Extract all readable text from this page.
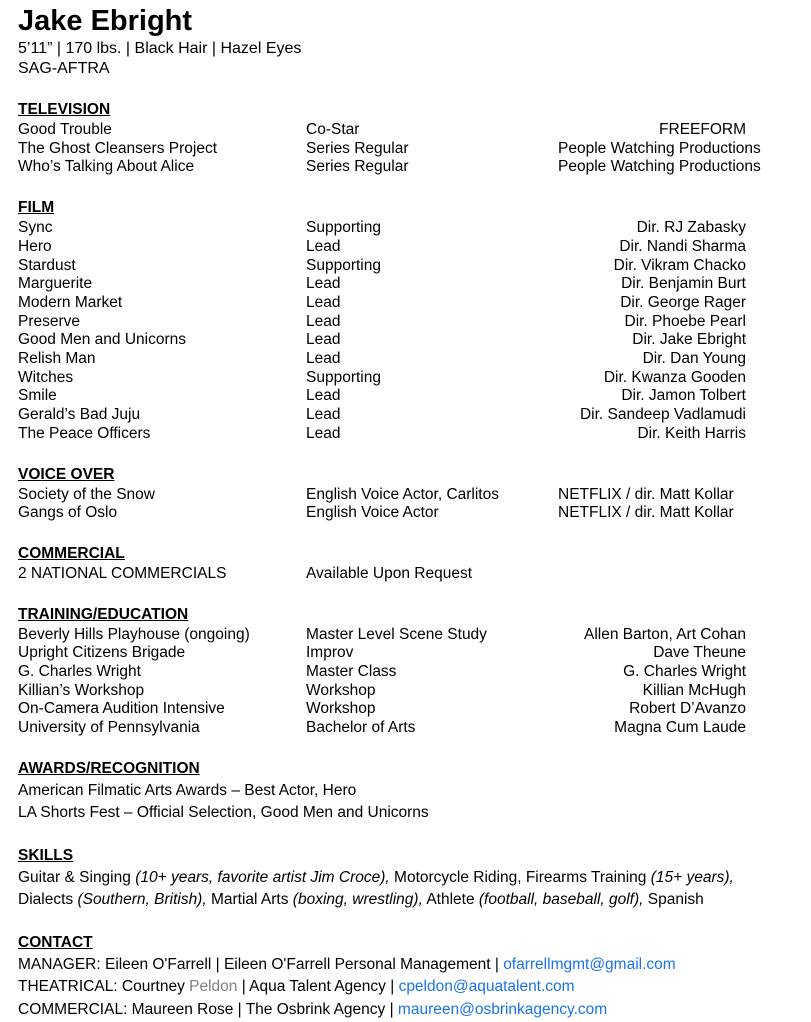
Jake Ebright
5’11” | 170 lbs. | Black Hair | Hazel Eyes
SAG-AFTRA
TELEVISION
Good Trouble	Co-Star	FREEFORM
The Ghost Cleansers Project	Series Regular	People Watching Productions
Who’s Talking About Alice	Series Regular	People Watching Productions
FILM
Sync	Supporting	Dir. RJ Zabasky
Hero	Lead	Dir. Nandi Sharma
Stardust	Supporting	Dir. Vikram Chacko
Marguerite	Lead	Dir. Benjamin Burt
Modern Market	Lead	Dir. George Rager
Preserve	Lead	Dir. Phoebe Pearl
Good Men and Unicorns	Lead	Dir. Jake Ebright
Relish Man	Lead	Dir. Dan Young
Witches	Supporting	Dir. Kwanza Gooden
Smile	Lead	Dir. Jamon Tolbert
Gerald’s Bad Juju	Lead	Dir. Sandeep Vadlamudi
The Peace Officers	Lead	Dir. Keith Harris
VOICE OVER
Society of the Snow	English Voice Actor, Carlitos	NETFLIX / dir. Matt Kollar
Gangs of Oslo	English Voice Actor	NETFLIX / dir. Matt Kollar
COMMERCIAL
2 NATIONAL COMMERCIALS	Available Upon Request
TRAINING/EDUCATION
Beverly Hills Playhouse (ongoing)	Master Level Scene Study	Allen Barton, Art Cohan
Upright Citizens Brigade	Improv	Dave Theune
G. Charles Wright	Master Class	G. Charles Wright
Killian’s Workshop	Workshop	Killian McHugh
On-Camera Audition Intensive	Workshop	Robert D’Avanzo
University of Pennsylvania	Bachelor of Arts	Magna Cum Laude
AWARDS/RECOGNITION
American Filmatic Arts Awards – Best Actor, Hero
LA Shorts Fest – Official Selection, Good Men and Unicorns
SKILLS
Guitar & Singing (10+ years, favorite artist Jim Croce), Motorcycle Riding, Firearms Training (15+ years),
Dialects (Southern, British), Martial Arts (boxing, wrestling), Athlete (football, baseball, golf), Spanish
CONTACT
MANAGER: Eileen O'Farrell | Eileen O'Farrell Personal Management | ofarrellmgmt@gmail.com
THEATRICAL: Courtney Peldon | Aqua Talent Agency | cpeldon@aquatalent.com
COMMERCIAL: Maureen Rose | The Osbrink Agency | maureen@osbrinkagency.com
